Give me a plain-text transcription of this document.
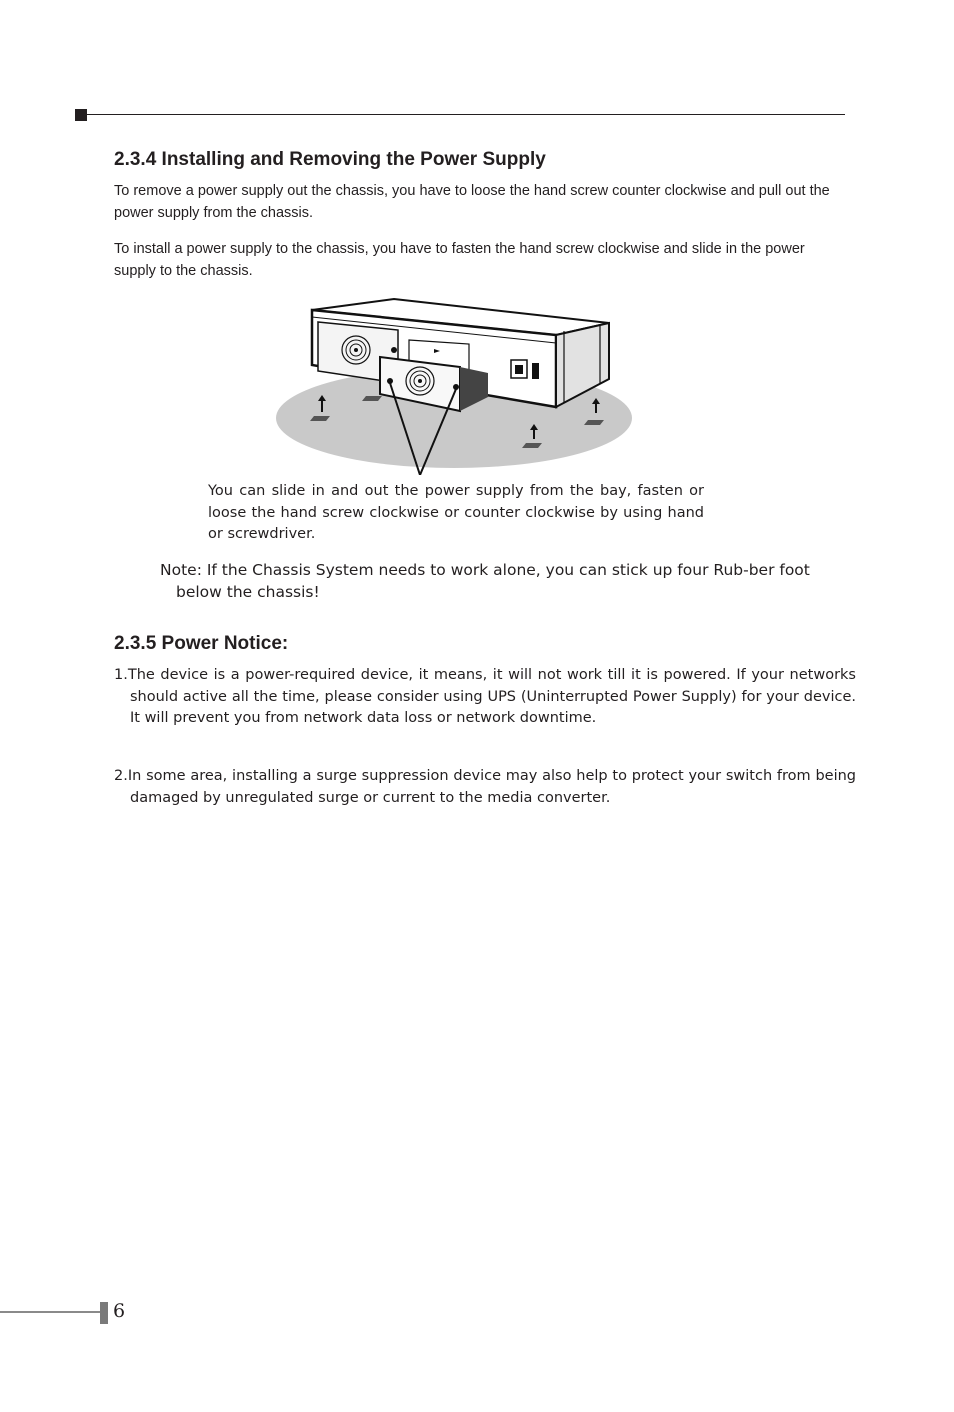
2.3.4 Installing and Removing the Power Supply

To remove a power supply out the chassis, you have to loose the hand screw counter clockwise and pull out the power supply from the chassis.

To install a power supply to the chassis, you have to fasten the hand screw clockwise and slide in the power supply to the chassis.

You can slide in and out the power supply from the bay, fasten or loose the hand screw clockwise or counter clockwise by using hand or screwdriver.

Note: If the Chassis System needs to work alone, you can stick up four Rub-ber foot below the chassis!

2.3.5 Power Notice:

1.The device is a power-required device, it means, it will not work till it is powered. If your networks should active all the time, please consider using UPS (Uninterrupted Power Supply) for your device. It will prevent you from network data loss or network downtime.

2.In some area, installing a surge suppression device may also help to protect your switch from being damaged by unregulated surge or current to the media converter.

6
